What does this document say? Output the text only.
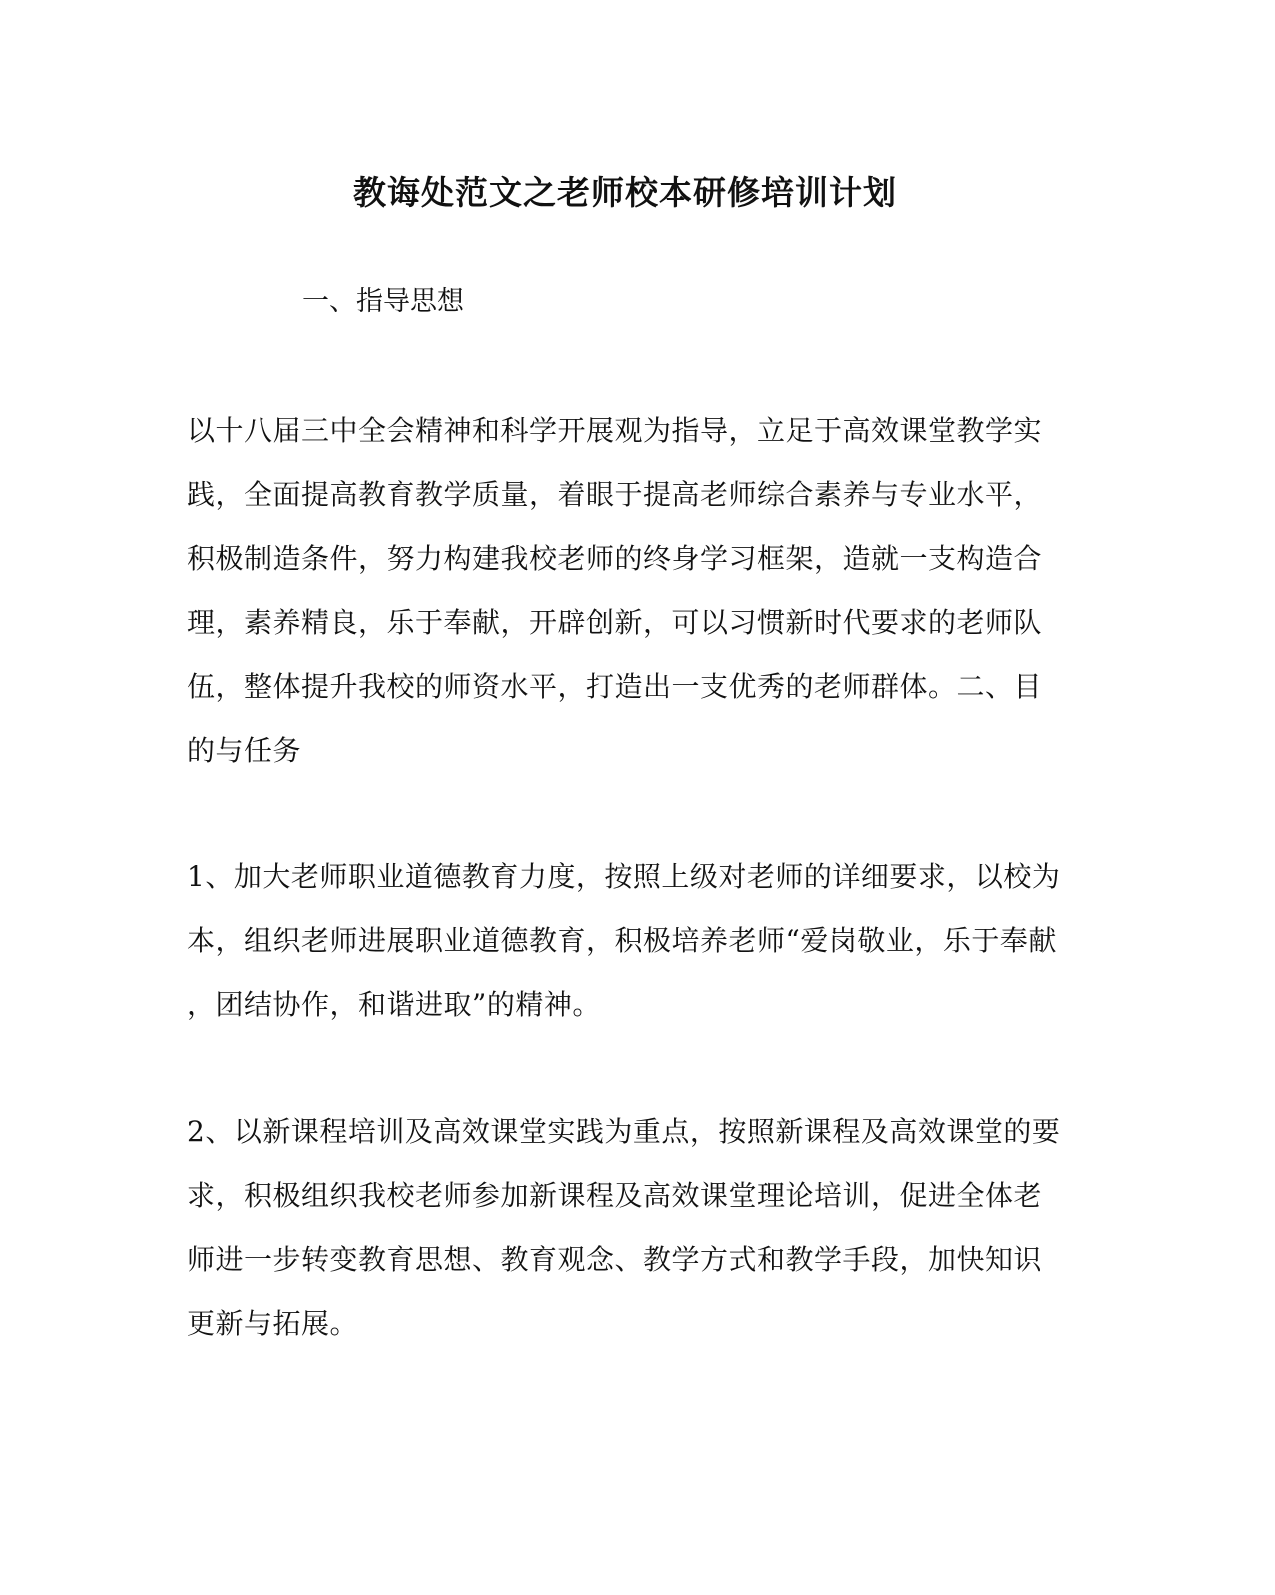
教诲处范文之老师校本研修培训计划
一、指导思想
以十八届三中全会精神和科学开展观为指导，立足于高效课堂教学实
践，全面提高教育教学质量，着眼于提高老师综合素养与专业水平，
积极制造条件，努力构建我校老师的终身学习框架，造就一支构造合
理，素养精良，乐于奉献，开辟创新，可以习惯新时代要求的老师队
伍，整体提升我校的师资水平，打造出一支优秀的老师群体。二、目
的与任务
1、加大老师职业道德教育力度，按照上级对老师的详细要求，以校为
本，组织老师进展职业道德教育，积极培养老师“爱岗敬业，乐于奉献
，团结协作，和谐进取”的精神。
2、以新课程培训及高效课堂实践为重点，按照新课程及高效课堂的要
求，积极组织我校老师参加新课程及高效课堂理论培训，促进全体老
师进一步转变教育思想、教育观念、教学方式和教学手段，加快知识
更新与拓展。
